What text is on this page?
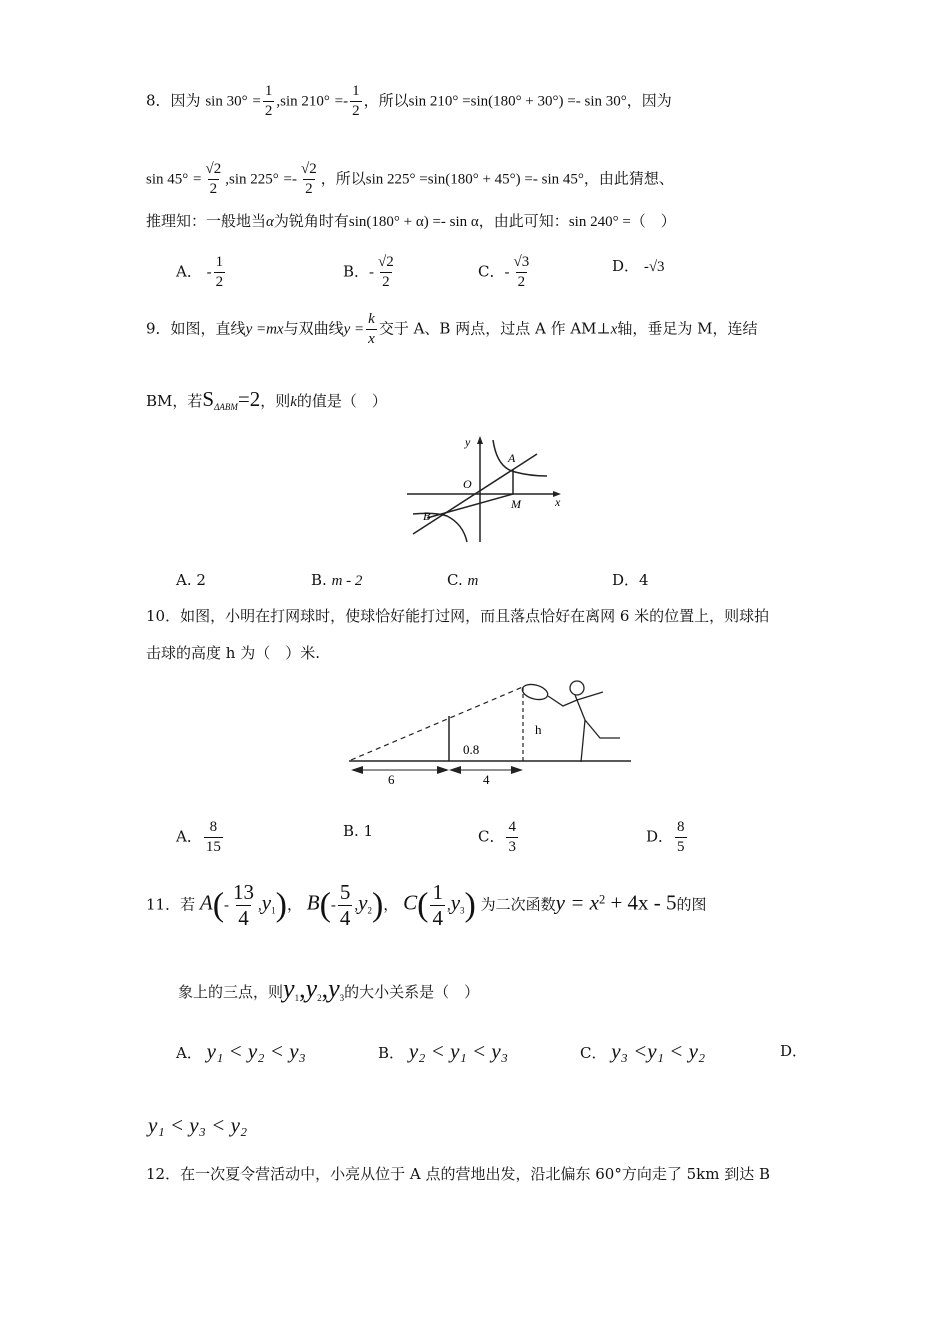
8．因为 $\sin 30^\circ = \frac{1}{2} ,\sin$ $210^\circ =- \frac{1}{2}$ ，所以sin 210° =sin(180° + 30°) =- sin 30°，因为
$\sin 45^\circ = \frac{√2}{2} ,\sin$ $225^\circ =- \frac{√2}{2}$ ，所以sin 225° =sin(180° + 45°) =- sin 45°，由此猜想、
推理知：一般地当α为锐角时有sin(180° + α) =- sin α，由此可知：sin 240° =（　）
A． - $\frac{1}{2}$	B．- $\frac{√2}{2}$	C．- $\frac{√3}{2}$	D． -√3
9．如图，直线y =mx与双曲线$y = \frac{k}{x}$ 交于 A、B 两点，过点 A 作 AM⊥x轴，垂足为 M，连结
BM，若$S_{\Delta ABM}=2$，则k的值是（　）
y
A
O
M	x
B
A. 2	B. m - 2	C. m	D．4
10．如图，小明在打网球时，使球恰好能打过网，而且落点恰好在离网 6 米的位置上，则球拍
击球的高度 h 为（　）米.
0.8
h
6	4
A． $\frac{8}{15}$	B. 1	C． $\frac{4}{3}$	D． $\frac{8}{5}$
11．若 $A(- \frac{13}{4} ,y_1)$， $B(- \frac{5}{4} ,y_2)$， $C( \frac{1}{4} ,y_3)$ 为二次函数$y = x^2 + 4x - 5$的图
象上的三点，则$y_1,y_2,y_3$的大小关系是（　）
A． y₁ < y₂ < y₃	B． y₂ < y₁ < y₃	C． y₃ <y₁ < y₂	D．
y₁ < y₃ < y₂
12．在一次夏令营活动中，小亮从位于 A 点的营地出发，沿北偏东 60°方向走了 5km 到达 B
